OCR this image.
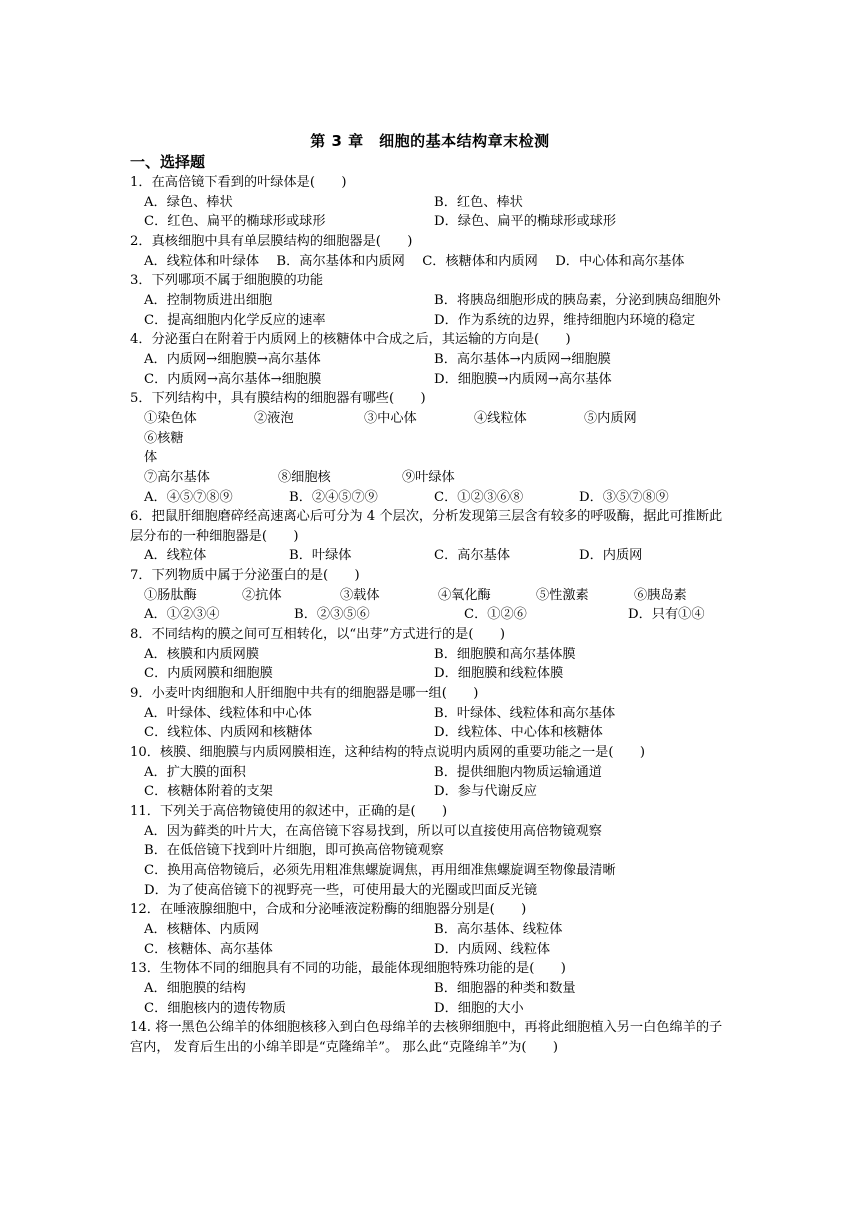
第 3 章　细胞的基本结构章末检测
一、选择题
1．在高倍镜下看到的叶绿体是(　　)
A．绿色、棒状	B．红色、棒状
C．红色、扁平的椭球形或球形	D．绿色、扁平的椭球形或球形
2．真核细胞中具有单层膜结构的细胞器是(　　)
A．线粒体和叶绿体　 B．高尔基体和内质网　 C．核糖体和内质网　 D．中心体和高尔基体
3．下列哪项不属于细胞膜的功能
A．控制物质进出细胞	B．将胰岛细胞形成的胰岛素，分泌到胰岛细胞外
C．提高细胞内化学反应的速率	D．作为系统的边界，维持细胞内环境的稳定
4．分泌蛋白在附着于内质网上的核糖体中合成之后，其运输的方向是(　　)
A．内质网→细胞膜→高尔基体	B．高尔基体→内质网→细胞膜
C．内质网→高尔基体→细胞膜	D．细胞膜→内质网→高尔基体
5．下列结构中，具有膜结构的细胞器有哪些(　　)
①染色体	②液泡	③中心体	④线粒体	⑤内质网
⑥核糖体
⑦高尔基体	⑧细胞核	⑨叶绿体
A．④⑤⑦⑧⑨	B．②④⑤⑦⑨	C．①②③⑥⑧	D．③⑤⑦⑧⑨
6．把鼠肝细胞磨碎经高速离心后可分为 4 个层次，分析发现第三层含有较多的呼吸酶，据此可推断此层分布的一种细胞器是(　　)
A．线粒体	B．叶绿体	C．高尔基体	D．内质网
7．下列物质中属于分泌蛋白的是(　　)
①肠肽酶	②抗体	③载体	④氧化酶	⑤性激素	⑥胰岛素
A．①②③④	B．②③⑤⑥	C．①②⑥	D．只有①④
8．不同结构的膜之间可互相转化，以“出芽”方式进行的是(　　)
A．核膜和内质网膜	B．细胞膜和高尔基体膜
C．内质网膜和细胞膜	D．细胞膜和线粒体膜
9．小麦叶肉细胞和人肝细胞中共有的细胞器是哪一组(　　)
A．叶绿体、线粒体和中心体	B．叶绿体、线粒体和高尔基体
C．线粒体、内质网和核糖体	D．线粒体、中心体和核糖体
10．核膜、细胞膜与内质网膜相连，这种结构的特点说明内质网的重要功能之一是(　　)
A．扩大膜的面积	B．提供细胞内物质运输通道
C．核糖体附着的支架	D．参与代谢反应
11．下列关于高倍物镜使用的叙述中，正确的是(　　)
A．因为藓类的叶片大，在高倍镜下容易找到，所以可以直接使用高倍物镜观察
B．在低倍镜下找到叶片细胞，即可换高倍物镜观察
C．换用高倍物镜后，必须先用粗准焦螺旋调焦，再用细准焦螺旋调至物像最清晰
D．为了使高倍镜下的视野亮一些，可使用最大的光圈或凹面反光镜
12．在唾液腺细胞中，合成和分泌唾液淀粉酶的细胞器分别是(　　)
A．核糖体、内质网	B．高尔基体、线粒体
C．核糖体、高尔基体	D．内质网、线粒体
13．生物体不同的细胞具有不同的功能，最能体现细胞特殊功能的是(　　)
A．细胞膜的结构	B．细胞器的种类和数量
C．细胞核内的遗传物质	D．细胞的大小
14. 将一黑色公绵羊的体细胞核移入到白色母绵羊的去核卵细胞中，再将此细胞植入另一白色绵羊的子宫内， 发育后生出的小绵羊即是“克隆绵羊”。 那么此“克隆绵羊”为(　　)
